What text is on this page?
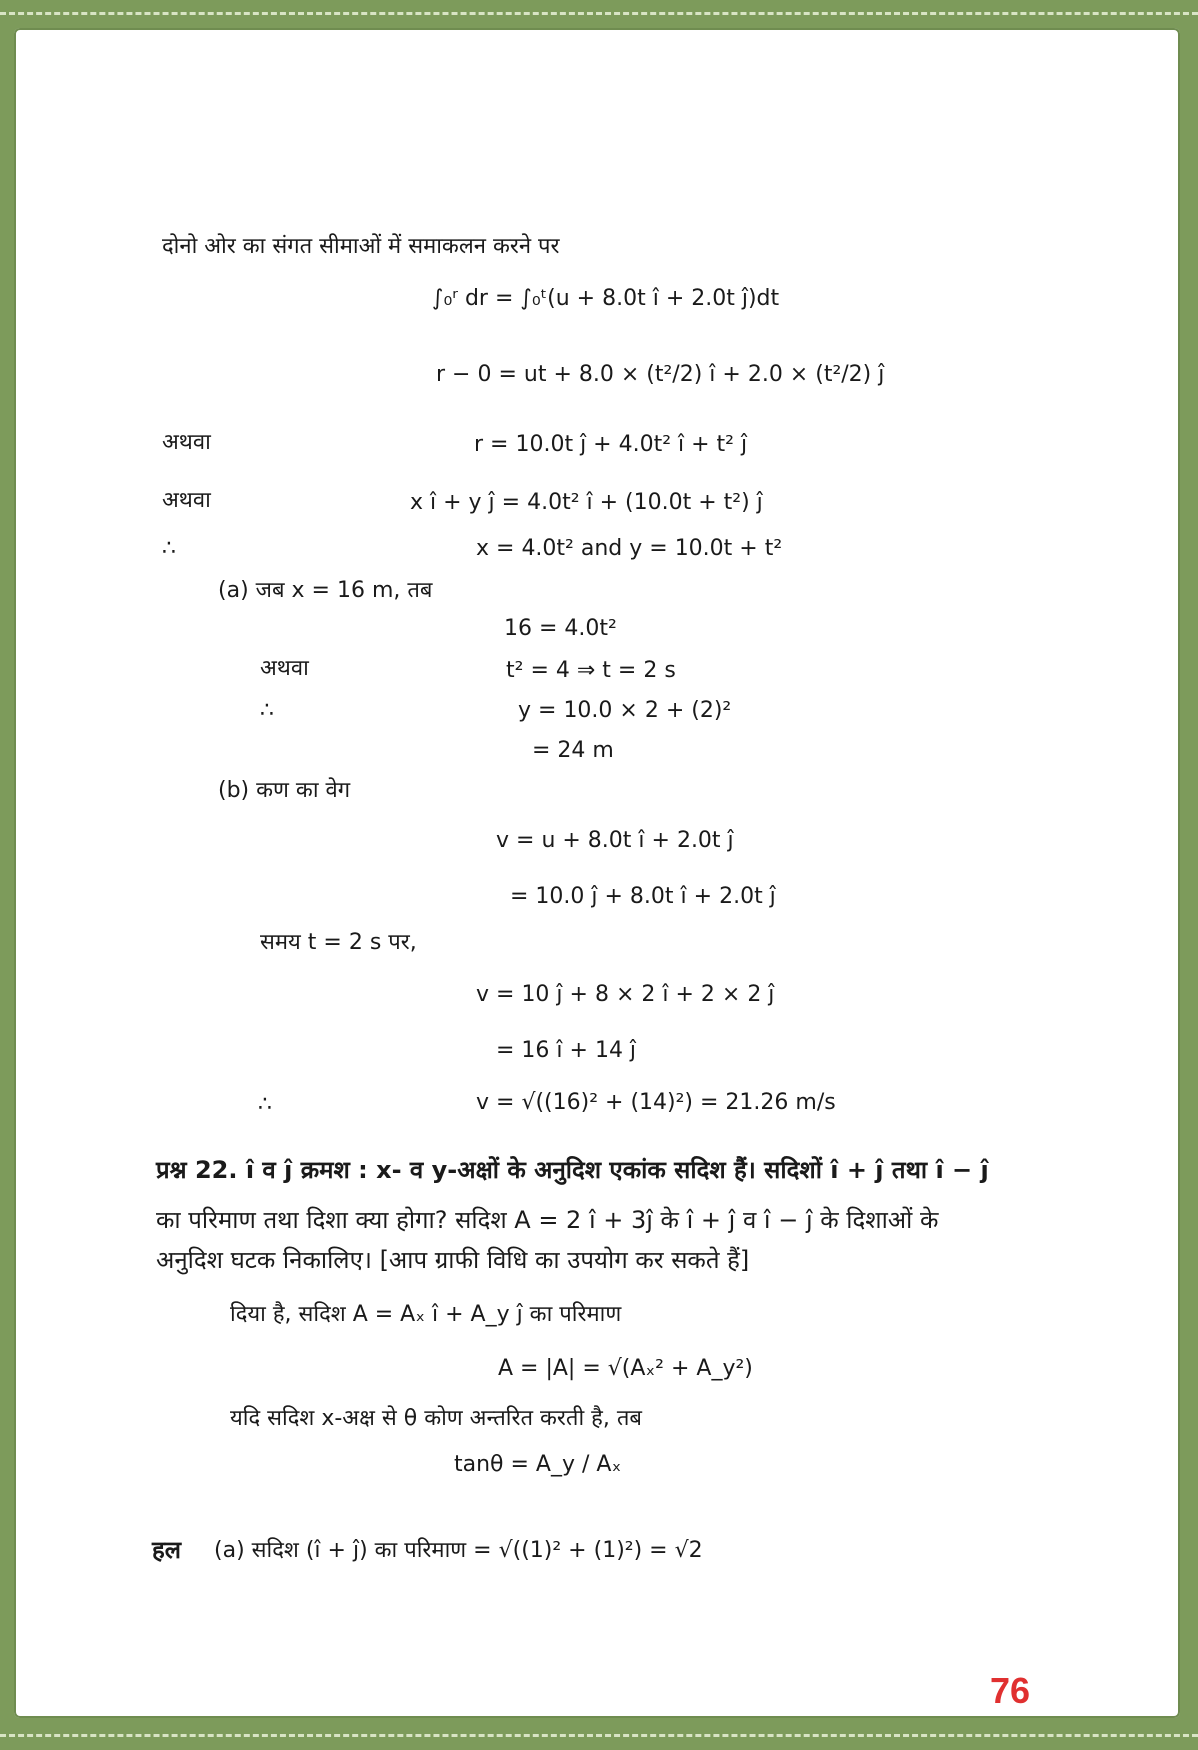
दोनो ओर का संगत सीमाओं में समाकलन करने पर
∫₀ʳ dr = ∫₀ᵗ(u + 8.0t î + 2.0t ĵ)dt
r − 0 = ut + 8.0 × (t²/2) î + 2.0 × (t²/2) ĵ
अथवा	r = 10.0t ĵ + 4.0t² î + t² ĵ
अथवा	x î + y ĵ = 4.0t² î + (10.0t + t²) ĵ
∴	x = 4.0t² and y = 10.0t + t²
(a) जब x = 16 m, तब
16 = 4.0t²
अथवा	t² = 4 ⇒ t = 2 s
∴	y = 10.0 × 2 + (2)²
= 24 m
(b) कण का वेग
v = u + 8.0t î + 2.0t ĵ
= 10.0 ĵ + 8.0t î + 2.0t ĵ
समय t = 2 s पर,
v = 10 ĵ + 8 × 2 î + 2 × 2 ĵ
= 16 î + 14 ĵ
∴	v = √((16)² + (14)²) = 21.26 m/s
प्रश्न 22. î व ĵ क्रमश : x- व y-अक्षों के अनुदिश एकांक सदिश हैं। सदिशों î + ĵ तथा î − ĵ
का परिमाण तथा दिशा क्या होगा? सदिश A = 2 î + 3ĵ के î + ĵ व î − ĵ के दिशाओं के
अनुदिश घटक निकालिए। [आप ग्राफी विधि का उपयोग कर सकते हैं]
दिया है, सदिश A = Aₓ î + A_y ĵ का परिमाण
A = |A| = √(Aₓ² + A_y²)
यदि सदिश x-अक्ष से θ कोण अन्तरित करती है, तब
tanθ = A_y / Aₓ
हल (a) सदिश (î + ĵ) का परिमाण = √((1)² + (1)²) = √2
76
